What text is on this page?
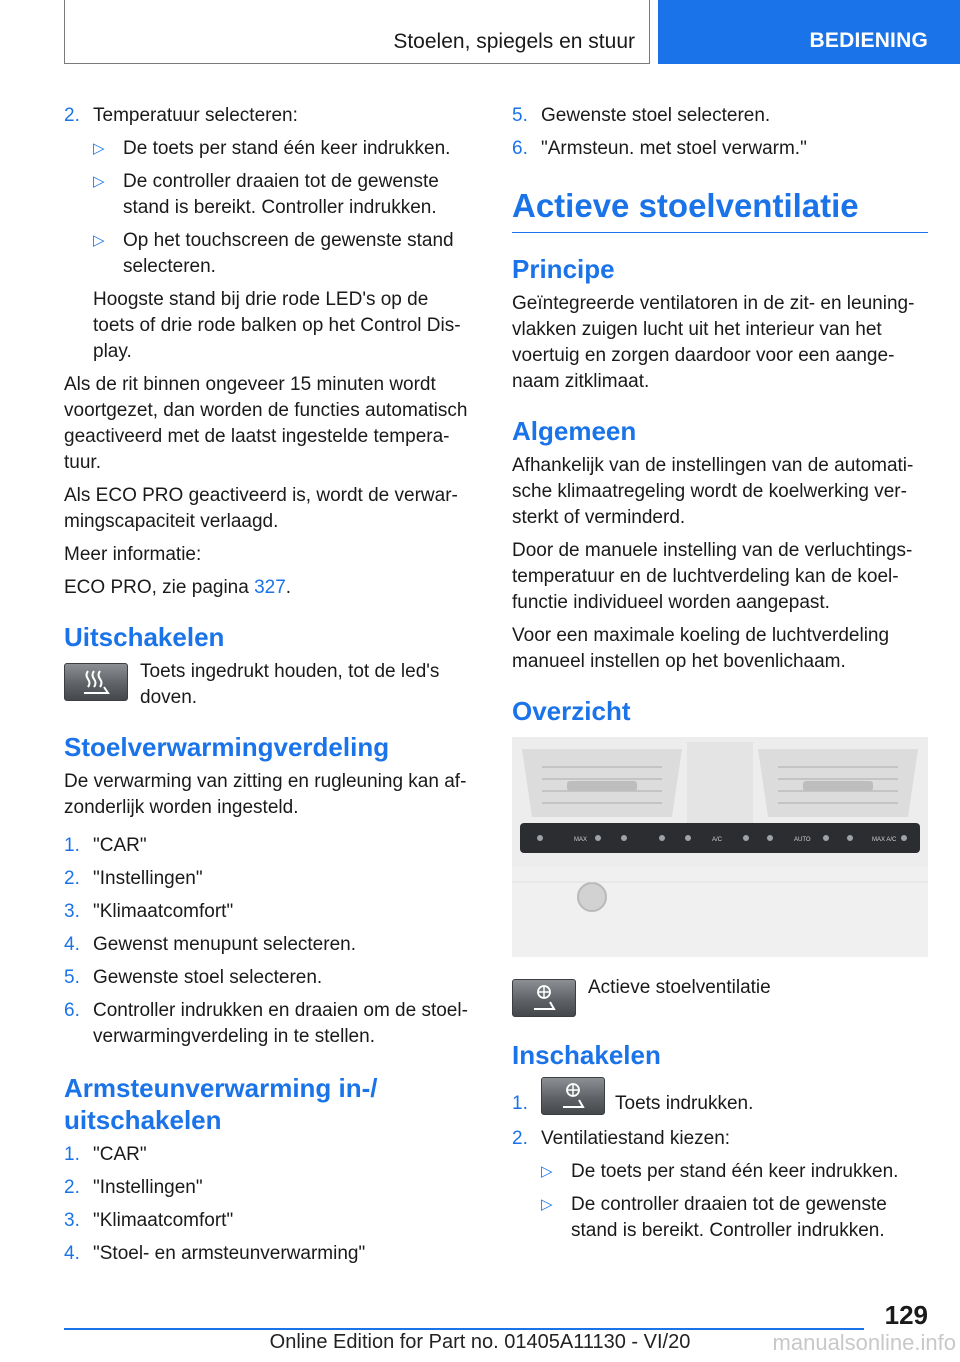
Stoelen, spiegels en stuur	BEDIENING
2. Temperatuur selecteren:
▷ De toets per stand één keer indrukken.
▷ De controller draaien tot de gewenste stand is bereikt. Controller indrukken.
▷ Op het touchscreen de gewenste stand selecteren.
Hoogste stand bij drie rode LED's op de toets of drie rode balken op het Control Display.
Als de rit binnen ongeveer 15 minuten wordt voortgezet, dan worden de functies automatisch geactiveerd met de laatst ingestelde temperatuur.
Als ECO PRO geactiveerd is, wordt de verwarmingscapaciteit verlaagd.
Meer informatie:
ECO PRO, zie pagina 327.
Uitschakelen
Toets ingedrukt houden, tot de led's doven.
Stoelverwarmingverdeling
De verwarming van zitting en rugleuning kan afzonderlijk worden ingesteld.
1. "CAR"
2. "Instellingen"
3. "Klimaatcomfort"
4. Gewenst menupunt selecteren.
5. Gewenste stoel selecteren.
6. Controller indrukken en draaien om de stoelverwarmingverdeling in te stellen.
Armsteunverwarming in-/ uitschakelen
1. "CAR"
2. "Instellingen"
3. "Klimaatcomfort"
4. "Stoel- en armsteunverwarming"
5. Gewenste stoel selecteren.
6. "Armsteun. met stoel verwarm."
Actieve stoelventilatie
Principe
Geïntegreerde ventilatoren in de zit- en leuningvlakken zuigen lucht uit het interieur van het voertuig en zorgen daardoor voor een aangenaam zitklimaat.
Algemeen
Afhankelijk van de instellingen van de automatische klimaatregeling wordt de koelwerking versterkt of verminderd.
Door de manuele instelling van de verluchtingstemperatuur en de luchtverdeling kan de koelfunctie individueel worden aangepast.
Voor een maximale koeling de luchtverdeling manueel instellen op het bovenlichaam.
Overzicht
MAX	A/C	AUTO	MAX A/C
Actieve stoelventilatie
Inschakelen
1.	Toets indrukken.
2. Ventilatiestand kiezen:
▷ De toets per stand één keer indrukken.
▷ De controller draaien tot de gewenste stand is bereikt. Controller indrukken.
129
Online Edition for Part no. 01405A11130 - VI/20	manualsonline.info
